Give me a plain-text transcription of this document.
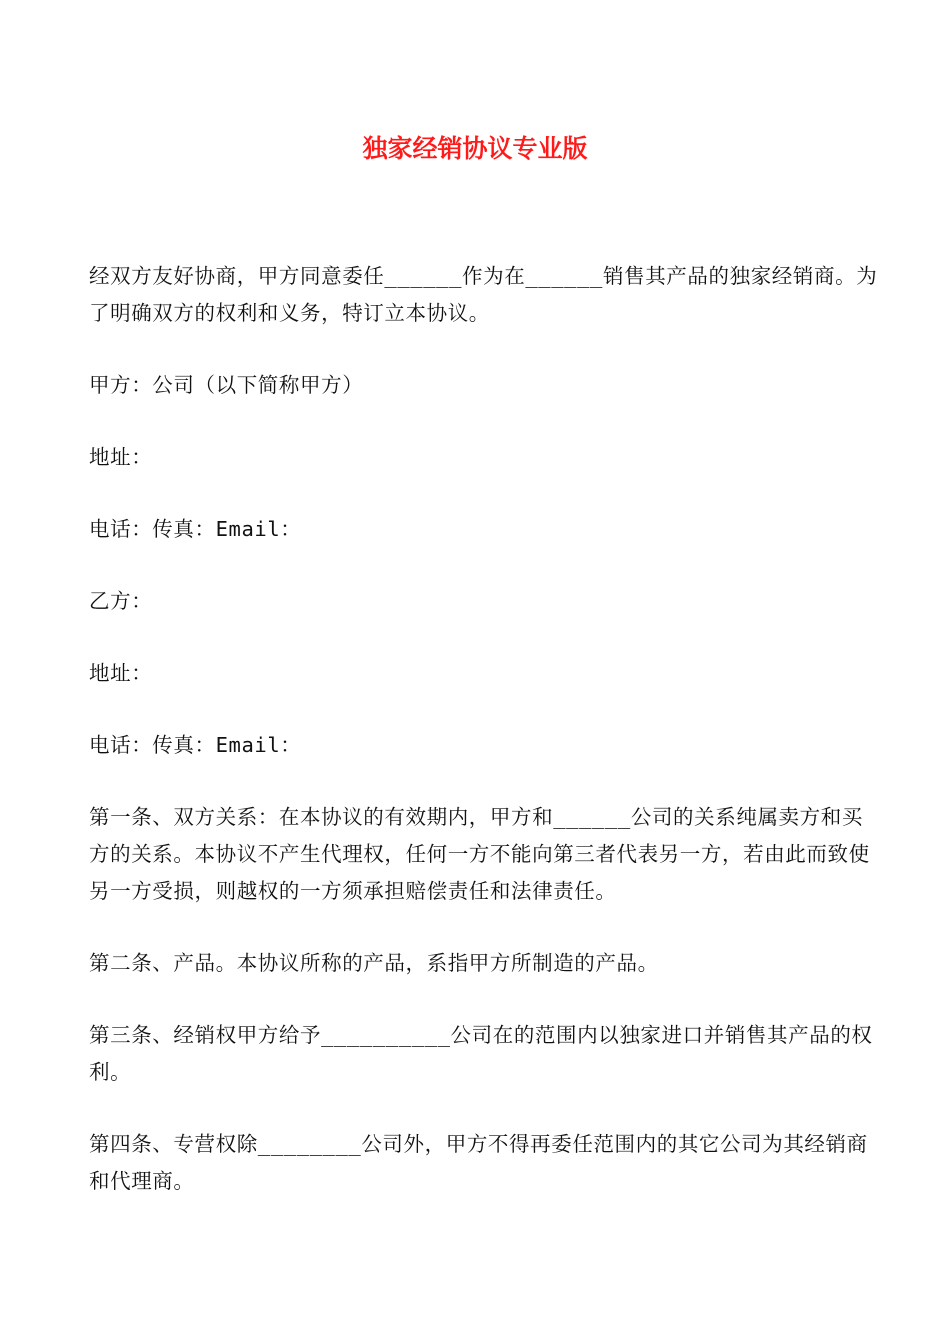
独家经销协议专业版

经双方友好协商，甲方同意委任______作为在______销售其产品的独家经销商。为了明确双方的权利和义务，特订立本协议。

甲方：公司（以下简称甲方）

地址：

电话：传真：Email：

乙方：

地址：

电话：传真：Email：

第一条、双方关系：在本协议的有效期内，甲方和______公司的关系纯属卖方和买方的关系。本协议不产生代理权，任何一方不能向第三者代表另一方，若由此而致使另一方受损，则越权的一方须承担赔偿责任和法律责任。

第二条、产品。本协议所称的产品，系指甲方所制造的产品。

第三条、经销权甲方给予__________公司在的范围内以独家进口并销售其产品的权利。

第四条、专营权除________公司外，甲方不得再委任范围内的其它公司为其经销商和代理商。
